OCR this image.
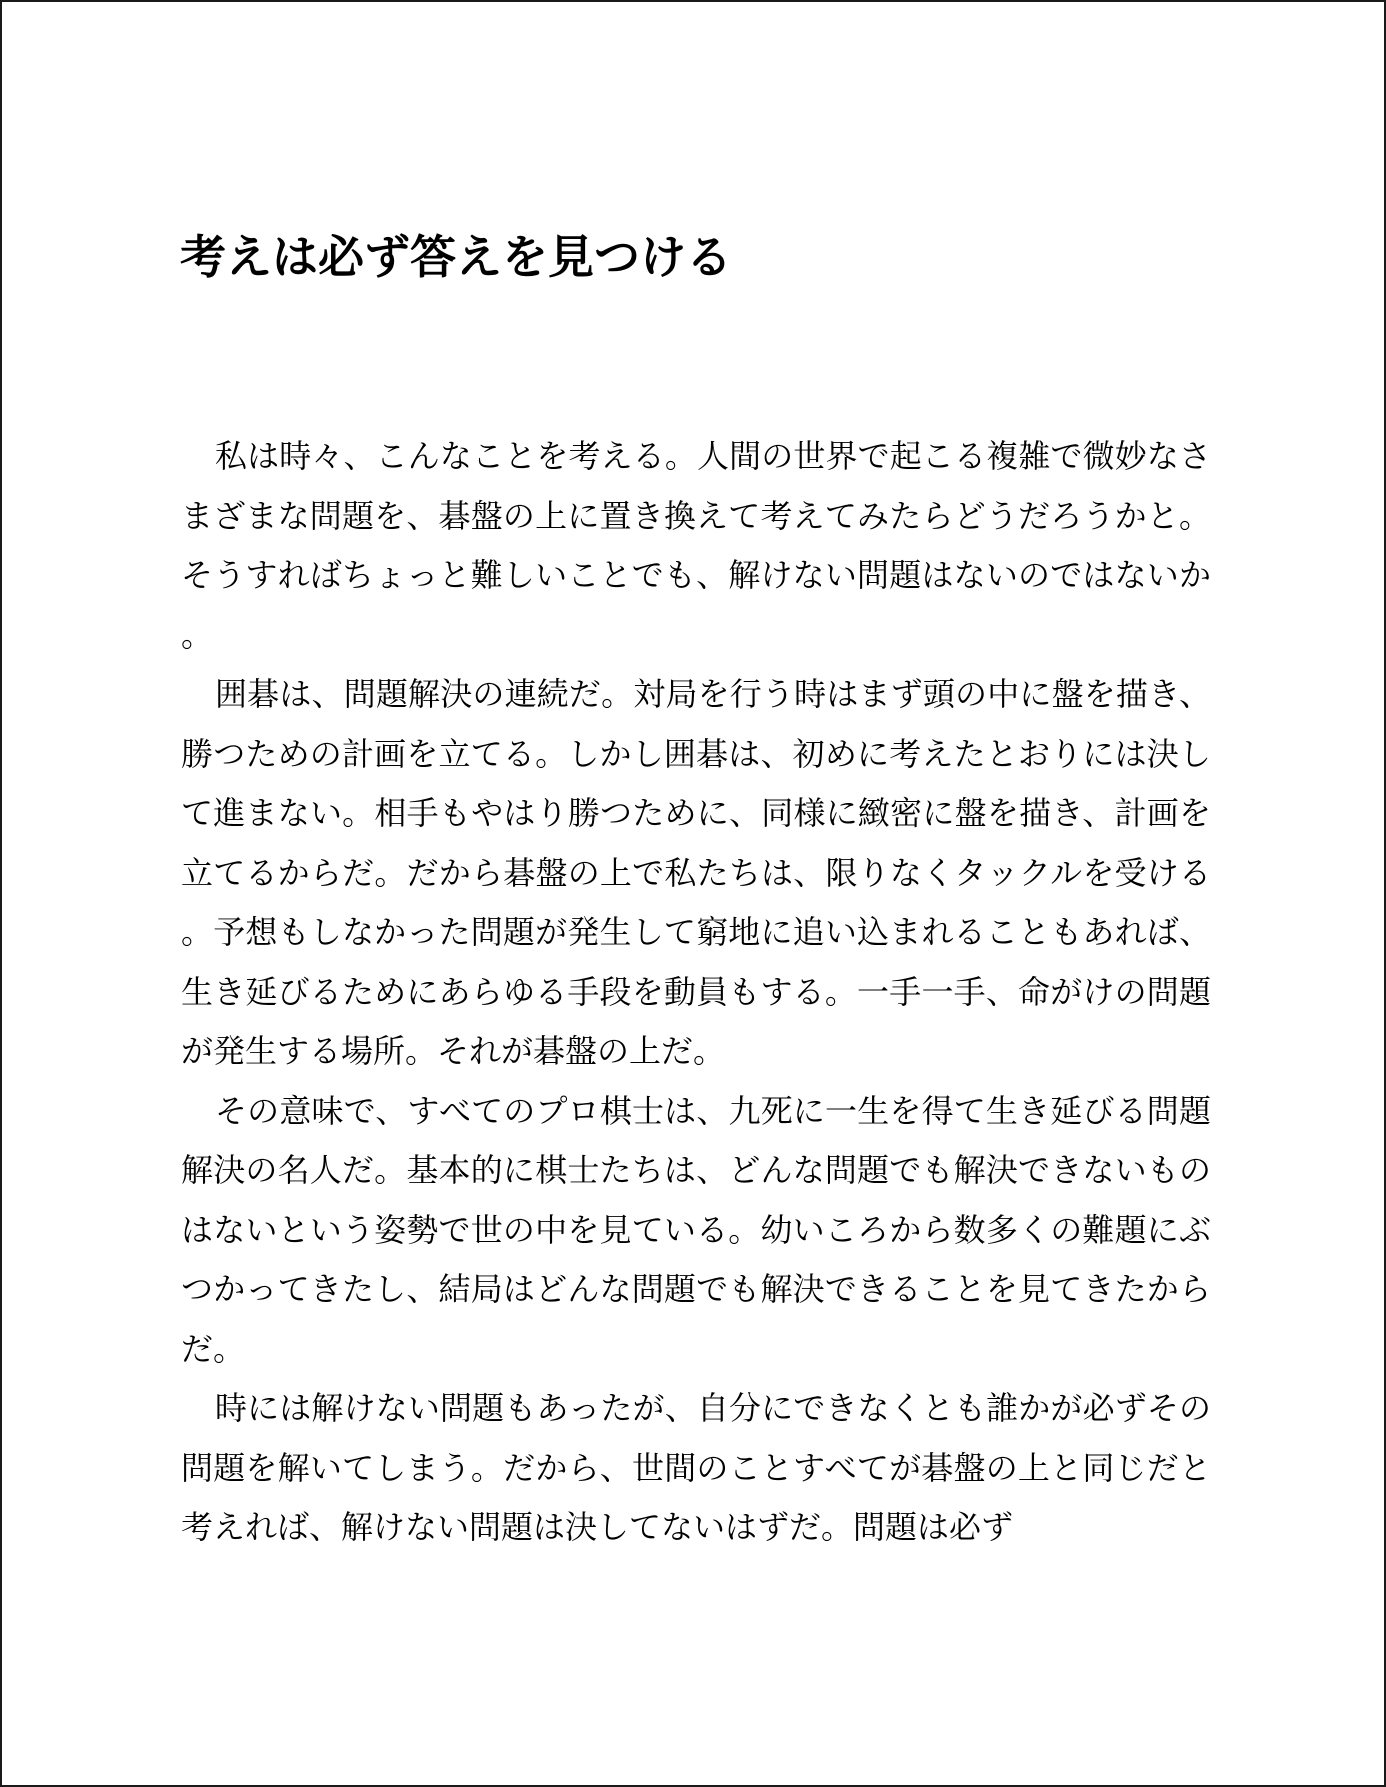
考えは必ず答えを見つける

私は時々、こんなことを考える。人間の世界で起こる複雑で微妙なさまざまな問題を、碁盤の上に置き換えて考えてみたらどうだろうかと。そうすればちょっと難しいことでも、解けない問題はないのではないか。

囲碁は、問題解決の連続だ。対局を行う時はまず頭の中に盤を描き、勝つための計画を立てる。しかし囲碁は、初めに考えたとおりには決して進まない。相手もやはり勝つために、同様に緻密に盤を描き、計画を立てるからだ。だから碁盤の上で私たちは、限りなくタックルを受ける。予想もしなかった問題が発生して窮地に追い込まれることもあれば、生き延びるためにあらゆる手段を動員もする。一手一手、命がけの問題が発生する場所。それが碁盤の上だ。

その意味で、すべてのプロ棋士は、九死に一生を得て生き延びる問題解決の名人だ。基本的に棋士たちは、どんな問題でも解決できないものはないという姿勢で世の中を見ている。幼いころから数多くの難題にぶつかってきたし、結局はどんな問題でも解決できることを見てきたからだ。

時には解けない問題もあったが、自分にできなくとも誰かが必ずその問題を解いてしまう。だから、世間のことすべてが碁盤の上と同じだと考えれば、解けない問題は決してないはずだ。問題は必ず
